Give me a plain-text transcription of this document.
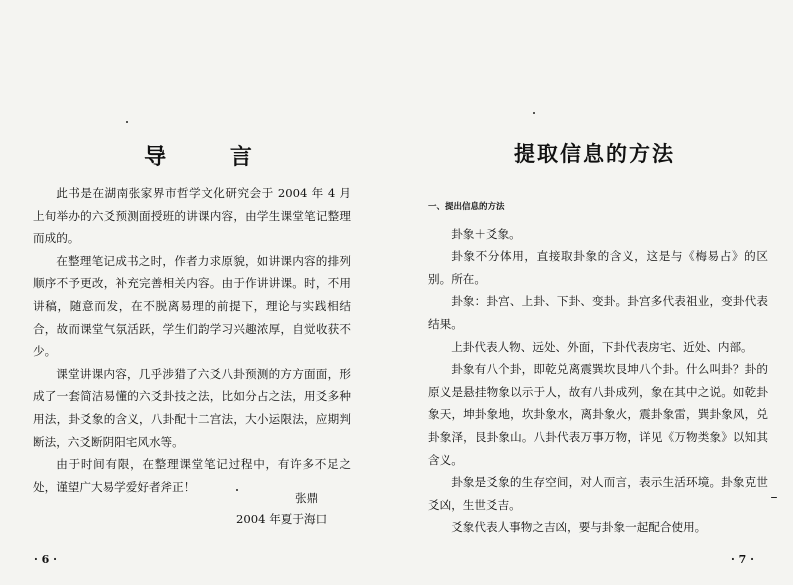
导 言

此书是在湖南张家界市哲学文化研究会于 2004 年 4 月上旬举办的六爻预测面授班的讲课内容，由学生课堂笔记整理而成的。

在整理笔记成书之时，作者力求原貌，如讲课内容的排列顺序不予更改，补充完善相关内容。由于作讲讲课。时，不用讲稿，随意而发，在不脱离易理的前提下，理论与实践相结合，故而课堂气氛活跃，学生们韵学习兴趣浓厚，自觉收获不少。

课堂讲课内容，几乎涉猎了六爻八卦预测的方方面面，形成了一套简洁易懂的六爻卦技之法，比如分占之法，用爻多种用法，卦爻象的含义，八卦配十二宫法，大小运限法，应期判断法，六爻断阴阳宅风水等。

由于时间有限，在整理课堂笔记过程中，有许多不足之处，谨望广大易学爱好者斧正！

张鼎
2004 年夏于海口
· 6 ·
提取信息的方法

一、提出信息的方法

卦象＋爻象。

卦象不分体用，直接取卦象的含义，这是与《梅易占》的区别。所在。

卦象：卦宫、上卦、下卦、变卦。卦宫多代表祖业，变卦代表结果。

上卦代表人物、远处、外面，下卦代表房宅、近处、内部。

卦象有八个卦，即乾兑离震巽坎艮坤八个卦。什么叫卦？卦的原义是悬挂物象以示于人，故有八卦成列，象在其中之说。如乾卦象天，坤卦象地，坎卦象水，离卦象火，震卦象雷，巽卦象风，兑卦象泽，艮卦象山。八卦代表万事万物，详见《万物类象》以知其含义。

卦象是爻象的生存空间，对人而言，表示生活环境。卦象克世爻凶，生世爻吉。

爻象代表人事物之吉凶，要与卦象一起配合使用。

· 7 ·
